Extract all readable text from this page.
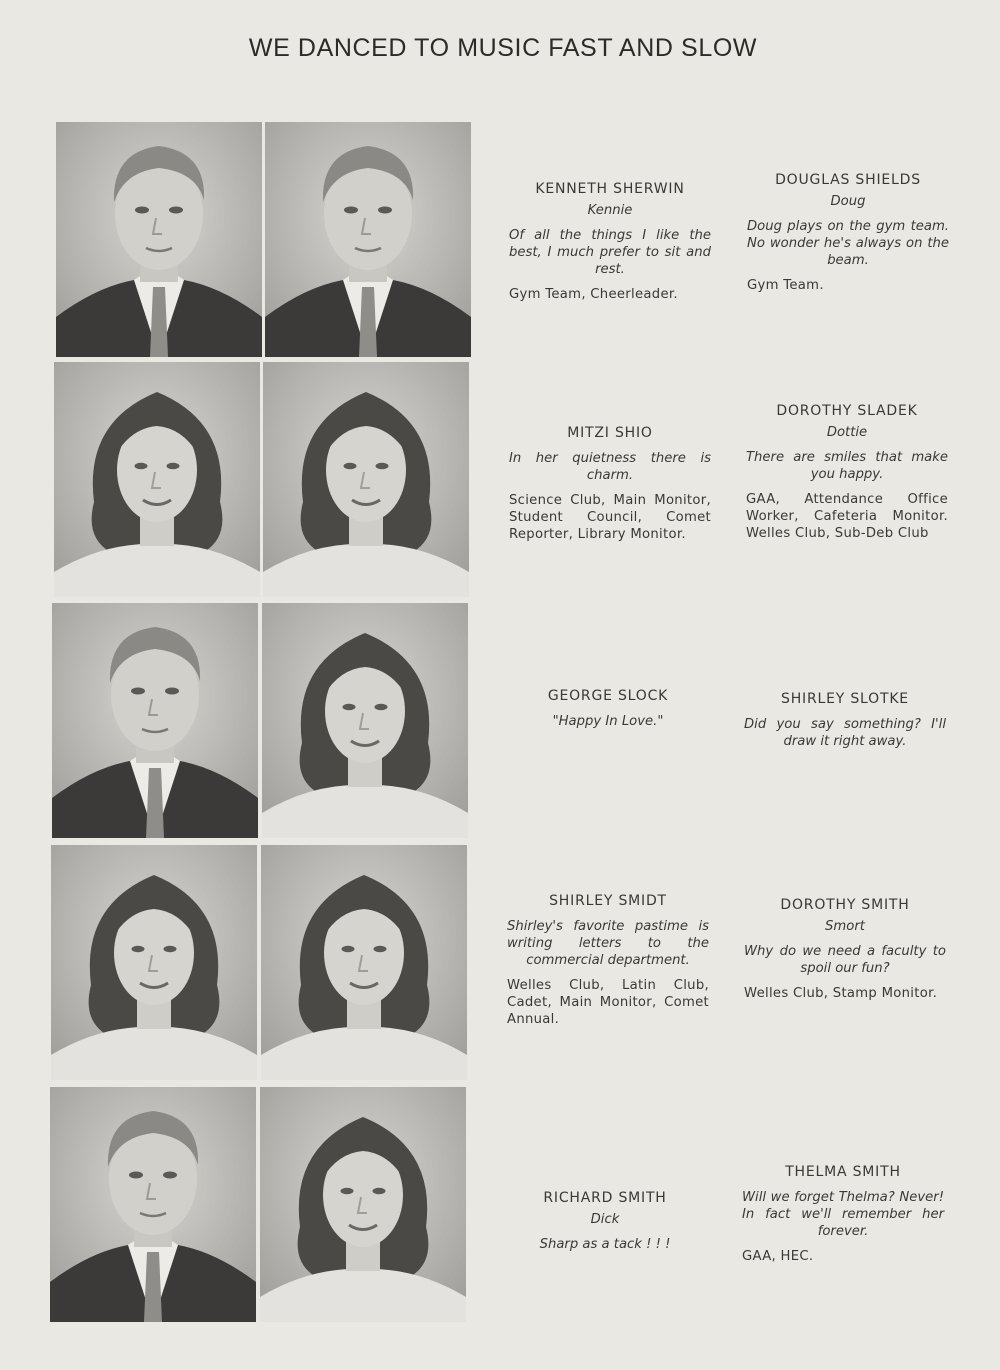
WE DANCED TO MUSIC FAST AND SLOW
KENNETH SHERWIN
Kennie
Of all the things I like the best, I much prefer to sit and rest.
Gym Team, Cheerleader.
DOUGLAS SHIELDS
Doug
Doug plays on the gym team. No wonder he's always on the beam.
Gym Team.
MITZI SHIO
In her quietness there is charm.
Science Club, Main Monitor, Student Council, Comet Reporter, Library Monitor.
DOROTHY SLADEK
Dottie
There are smiles that make you happy.
GAA, Attendance Office Worker, Cafeteria Monitor. Welles Club, Sub-Deb Club
GEORGE SLOCK
"Happy In Love."
SHIRLEY SLOTKE
Did you say something? I'll draw it right away.
SHIRLEY SMIDT
Shirley's favorite pastime is writing letters to the commercial department.
Welles Club, Latin Club, Cadet, Main Monitor, Comet Annual.
DOROTHY SMITH
Smort
Why do we need a faculty to spoil our fun?
Welles Club, Stamp Monitor.
RICHARD SMITH
Dick
Sharp as a tack ! ! !
THELMA SMITH
Will we forget Thelma? Never! In fact we'll remember her forever.
GAA, HEC.
